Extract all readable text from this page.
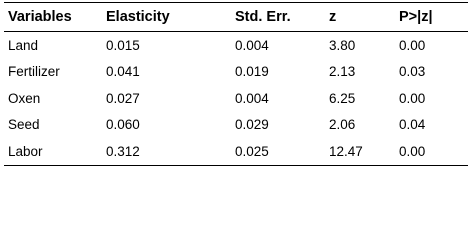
Variables	Elasticity	Std. Err.	z	P>|z|
Land	0.015	0.004	3.80	0.00
Fertilizer	0.041	0.019	2.13	0.03
Oxen	0.027	0.004	6.25	0.00
Seed	0.060	0.029	2.06	0.04
Labor	0.312	0.025	12.47	0.00
